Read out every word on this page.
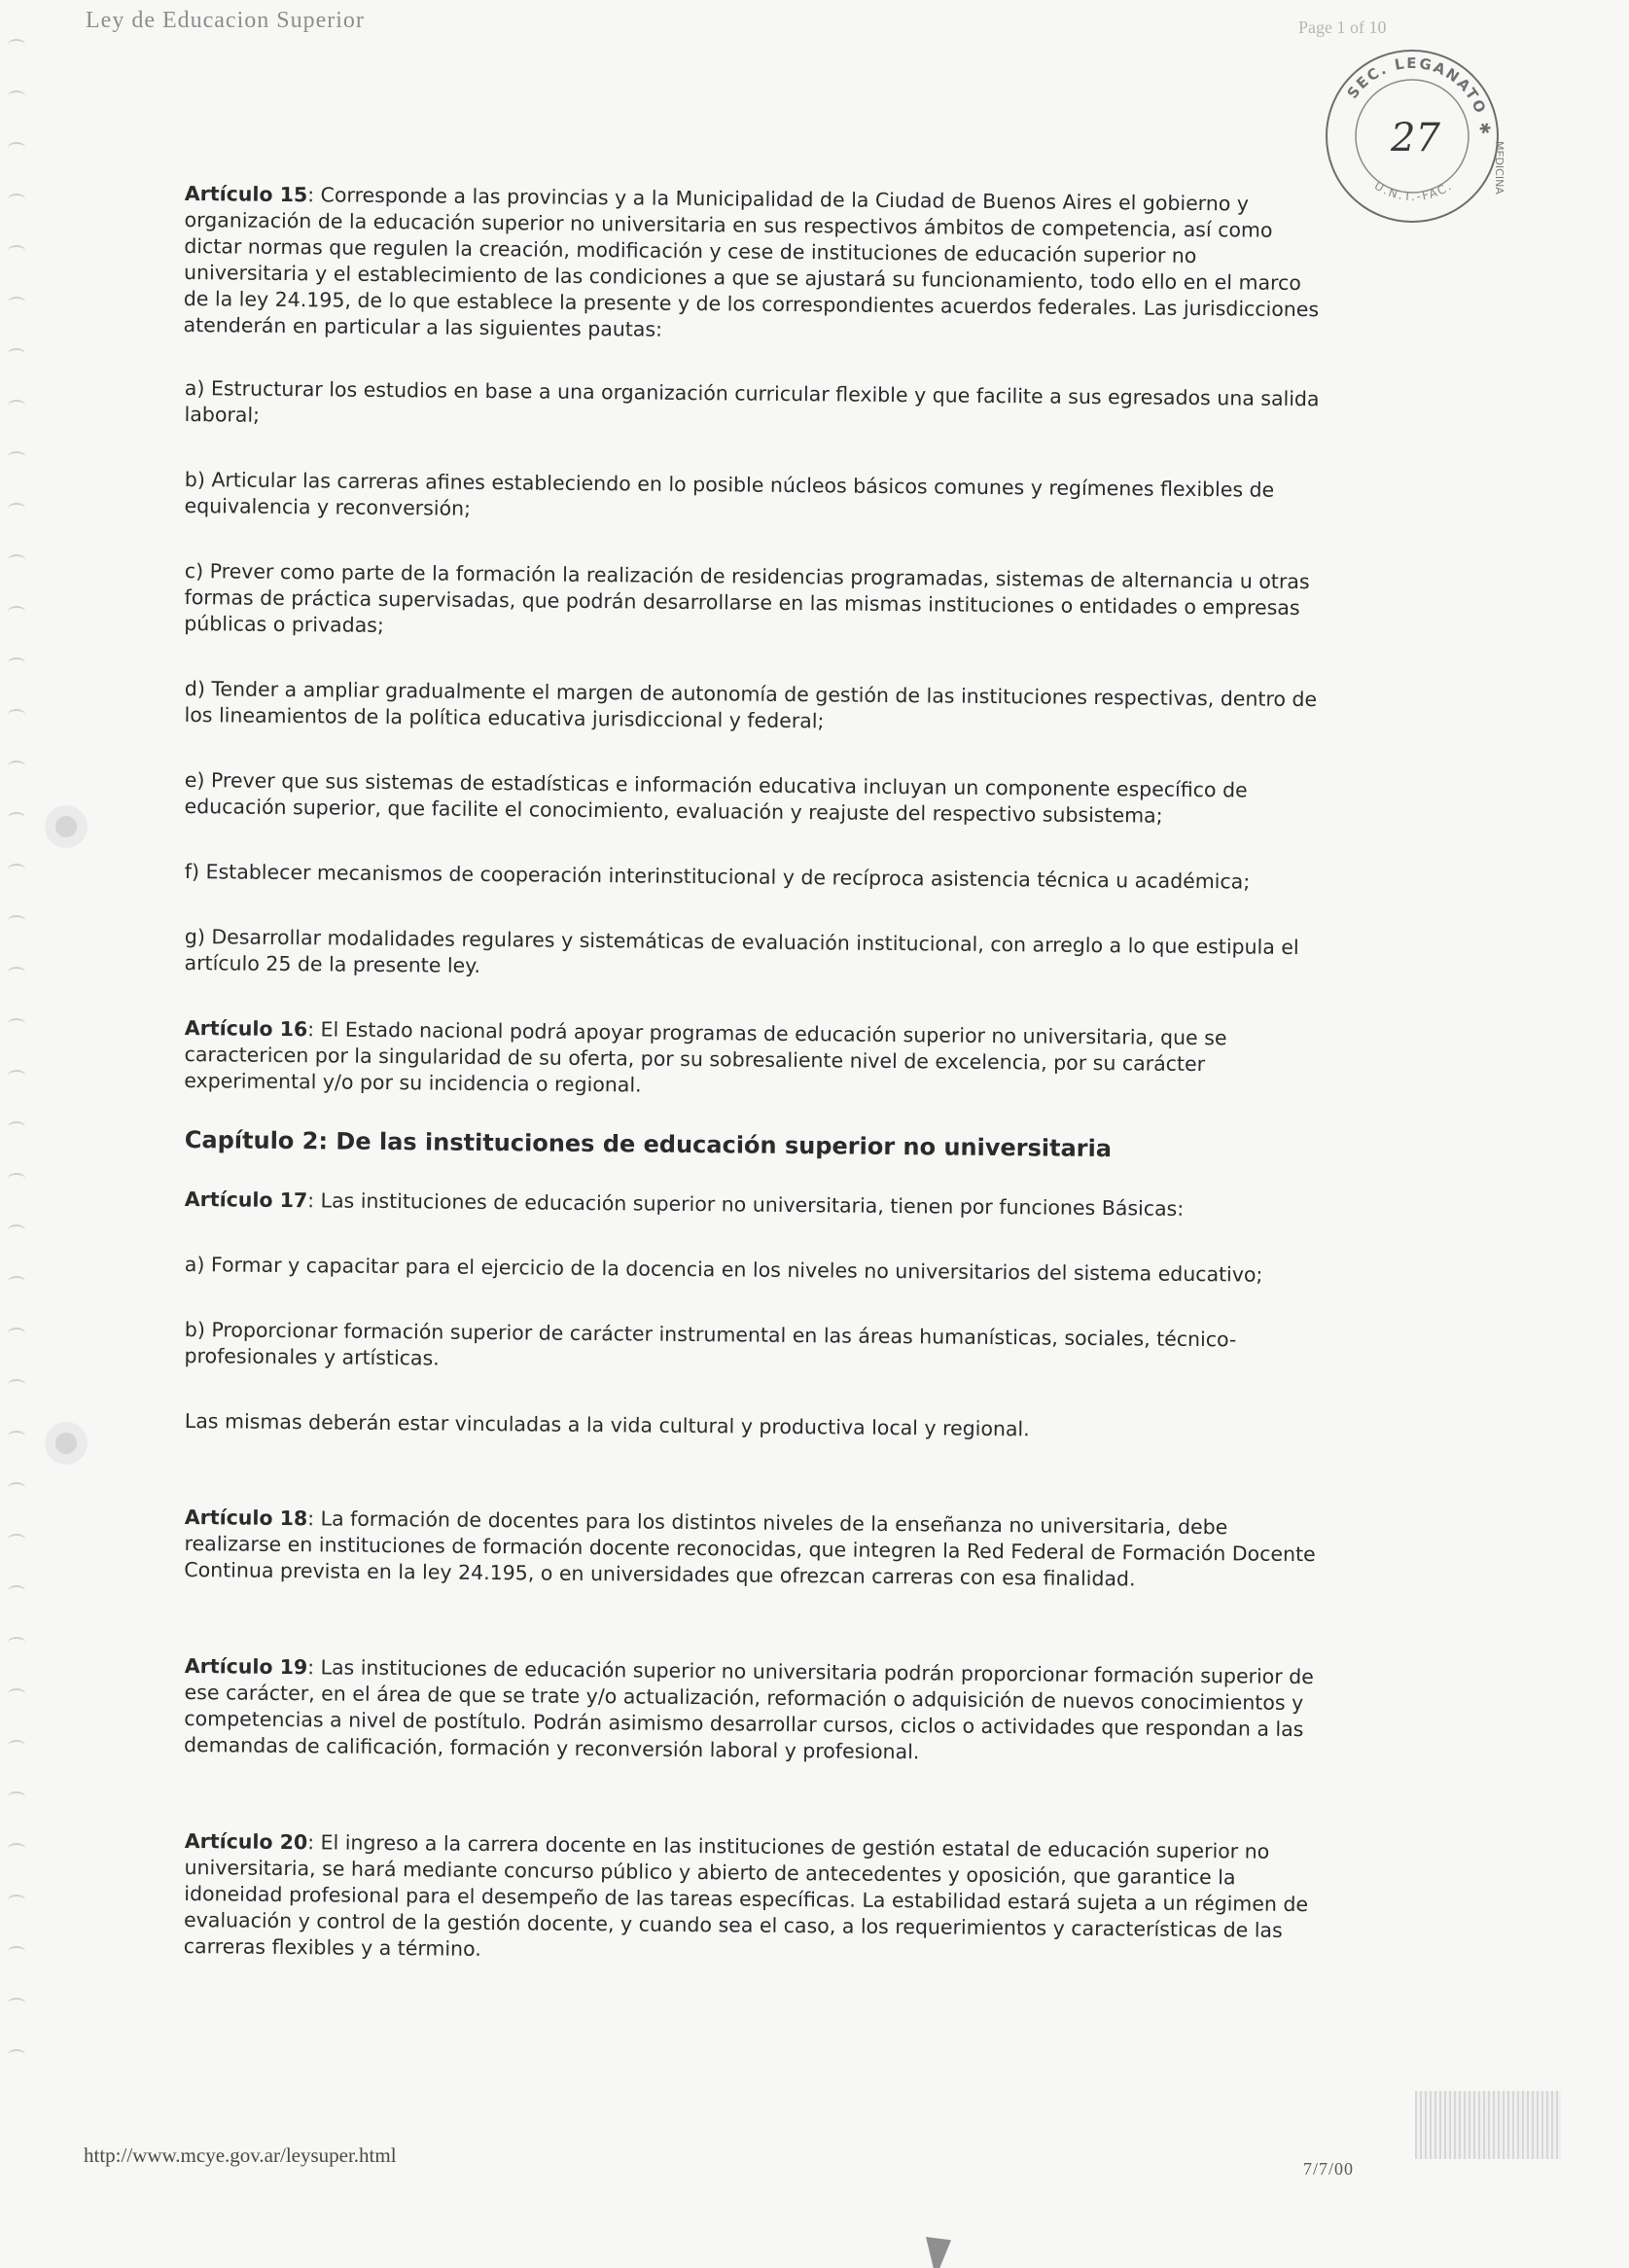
Ley de Educacion Superior	Page 1 of 10
SEC. LEGANATO ✱
U.N.T.-FAC.	MEDICINA
27

Artículo 15: Corresponde a las provincias y a la Municipalidad de la Ciudad de Buenos Aires el gobierno y organización de la educación superior no universitaria en sus respectivos ámbitos de competencia, así como dictar normas que regulen la creación, modificación y cese de instituciones de educación superior no universitaria y el establecimiento de las condiciones a que se ajustará su funcionamiento, todo ello en el marco de la ley 24.195, de lo que establece la presente y de los correspondientes acuerdos federales. Las jurisdicciones atenderán en particular a las siguientes pautas:

a) Estructurar los estudios en base a una organización curricular flexible y que facilite a sus egresados una salida laboral;

b) Articular las carreras afines estableciendo en lo posible núcleos básicos comunes y regímenes flexibles de equivalencia y reconversión;

c) Prever como parte de la formación la realización de residencias programadas, sistemas de alternancia u otras formas de práctica supervisadas, que podrán desarrollarse en las mismas instituciones o entidades o empresas públicas o privadas;

d) Tender a ampliar gradualmente el margen de autonomía de gestión de las instituciones respectivas, dentro de los lineamientos de la política educativa jurisdiccional y federal;

e) Prever que sus sistemas de estadísticas e información educativa incluyan un componente específico de educación superior, que facilite el conocimiento, evaluación y reajuste del respectivo subsistema;

f) Establecer mecanismos de cooperación interinstitucional y de recíproca asistencia técnica u académica;

g) Desarrollar modalidades regulares y sistemáticas de evaluación institucional, con arreglo a lo que estipula el artículo 25 de la presente ley.

Artículo 16: El Estado nacional podrá apoyar programas de educación superior no universitaria, que se caractericen por la singularidad de su oferta, por su sobresaliente nivel de excelencia, por su carácter experimental y/o por su incidencia o regional.

Capítulo 2: De las instituciones de educación superior no universitaria

Artículo 17: Las instituciones de educación superior no universitaria, tienen por funciones Básicas:

a) Formar y capacitar para el ejercicio de la docencia en los niveles no universitarios del sistema educativo;

b) Proporcionar formación superior de carácter instrumental en las áreas humanísticas, sociales, técnico-profesionales y artísticas.

Las mismas deberán estar vinculadas a la vida cultural y productiva local y regional.

Artículo 18: La formación de docentes para los distintos niveles de la enseñanza no universitaria, debe realizarse en instituciones de formación docente reconocidas, que integren la Red Federal de Formación Docente Continua prevista en la ley 24.195, o en universidades que ofrezcan carreras con esa finalidad.

Artículo 19: Las instituciones de educación superior no universitaria podrán proporcionar formación superior de ese carácter, en el área de que se trate y/o actualización, reformación o adquisición de nuevos conocimientos y competencias a nivel de postítulo. Podrán asimismo desarrollar cursos, ciclos o actividades que respondan a las demandas de calificación, formación y reconversión laboral y profesional.

Artículo 20: El ingreso a la carrera docente en las instituciones de gestión estatal de educación superior no universitaria, se hará mediante concurso público y abierto de antecedentes y oposición, que garantice la idoneidad profesional para el desempeño de las tareas específicas. La estabilidad estará sujeta a un régimen de evaluación y control de la gestión docente, y cuando sea el caso, a los requerimientos y características de las carreras flexibles y a término.

http://www.mcye.gov.ar/leysuper.html
7/7/00
